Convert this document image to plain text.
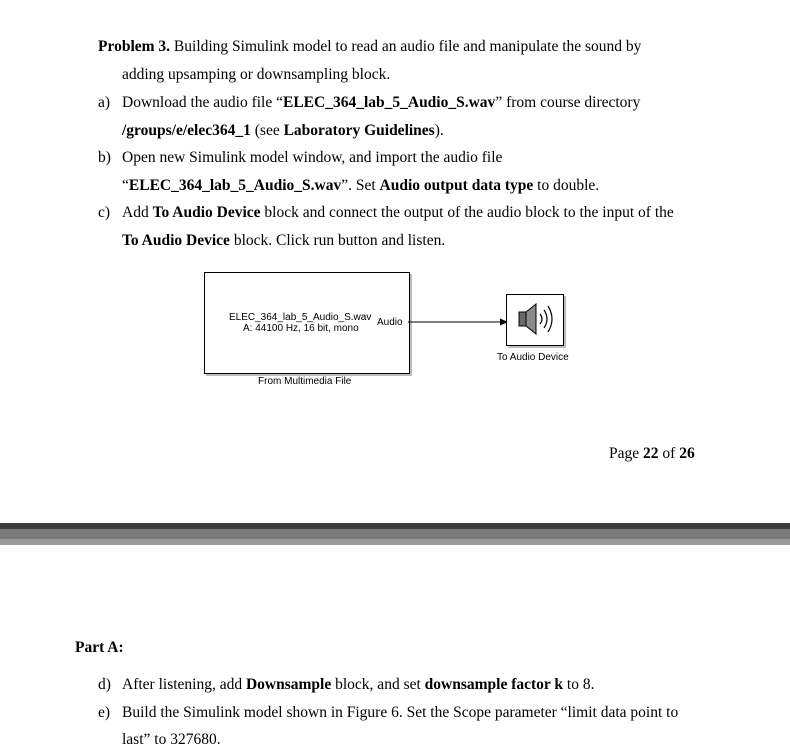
Problem 3. Building Simulink model to read an audio file and manipulate the sound by
adding upsamping or downsampling block.
a) Download the audio file “ELEC_364_lab_5_Audio_S.wav” from course directory
/groups/e/elec364_1 (see Laboratory Guidelines).
b) Open new Simulink model window, and import the audio file
“ELEC_364_lab_5_Audio_S.wav”. Set Audio output data type to double.
c) Add To Audio Device block and connect the output of the audio block to the input of the
To Audio Device block. Click run button and listen.
ELEC_364_lab_5_Audio_S.wav
A: 44100 Hz, 16 bit, mono
Audio
From Multimedia File
To Audio Device
Page 22 of 26
Part A:
d) After listening, add Downsample block, and set downsample factor k to 8.
e) Build the Simulink model shown in Figure 6. Set the Scope parameter “limit data point to
last” to 327680.
